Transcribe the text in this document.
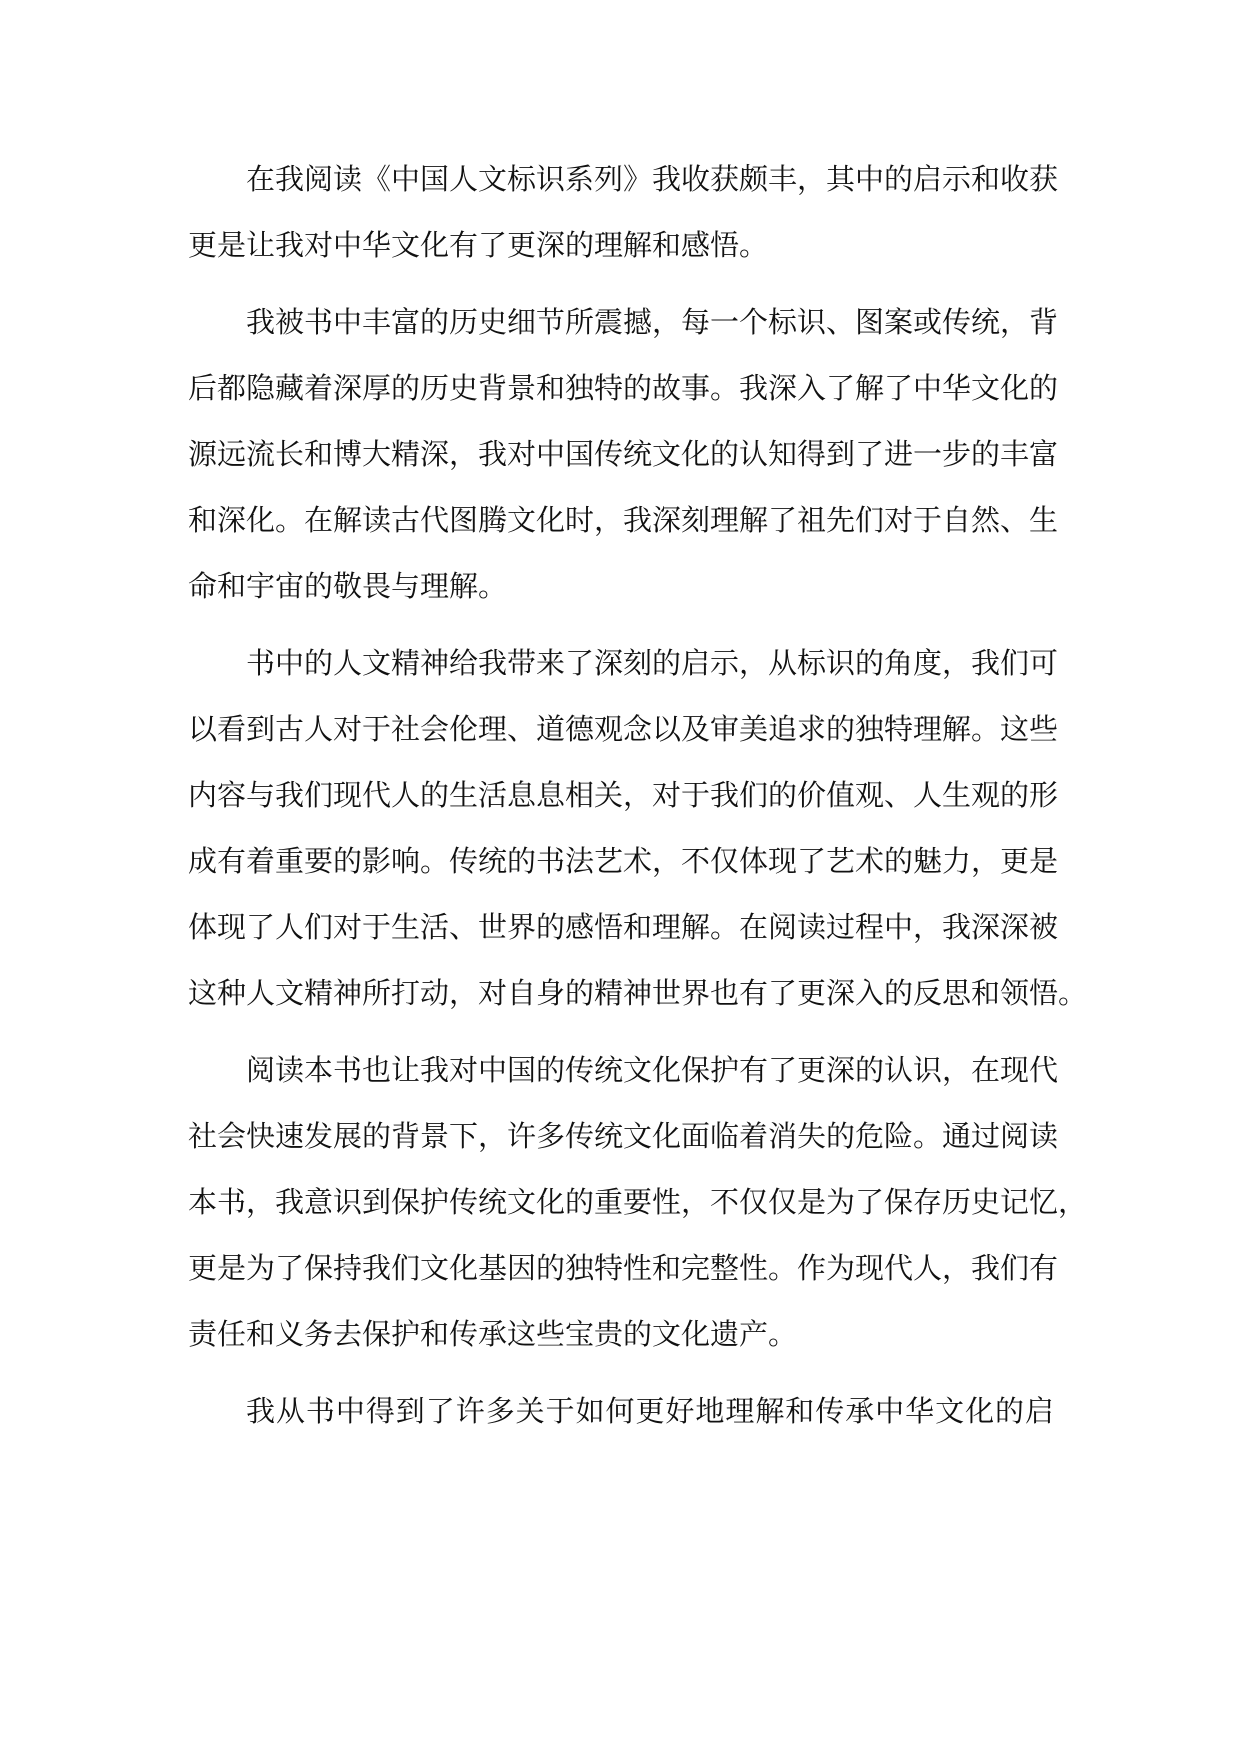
在我阅读《中国人文标识系列》我收获颇丰，其中的启示和收获
更是让我对中华文化有了更深的理解和感悟。
我被书中丰富的历史细节所震撼，每一个标识、图案或传统，背
后都隐藏着深厚的历史背景和独特的故事。我深入了解了中华文化的
源远流长和博大精深，我对中国传统文化的认知得到了进一步的丰富
和深化。在解读古代图腾文化时，我深刻理解了祖先们对于自然、生
命和宇宙的敬畏与理解。
书中的人文精神给我带来了深刻的启示，从标识的角度，我们可
以看到古人对于社会伦理、道德观念以及审美追求的独特理解。这些
内容与我们现代人的生活息息相关，对于我们的价值观、人生观的形
成有着重要的影响。传统的书法艺术，不仅体现了艺术的魅力，更是
体现了人们对于生活、世界的感悟和理解。在阅读过程中，我深深被
这种人文精神所打动，对自身的精神世界也有了更深入的反思和领悟。
阅读本书也让我对中国的传统文化保护有了更深的认识，在现代
社会快速发展的背景下，许多传统文化面临着消失的危险。通过阅读
本书，我意识到保护传统文化的重要性，不仅仅是为了保存历史记忆，
更是为了保持我们文化基因的独特性和完整性。作为现代人，我们有
责任和义务去保护和传承这些宝贵的文化遗产。
我从书中得到了许多关于如何更好地理解和传承中华文化的启
